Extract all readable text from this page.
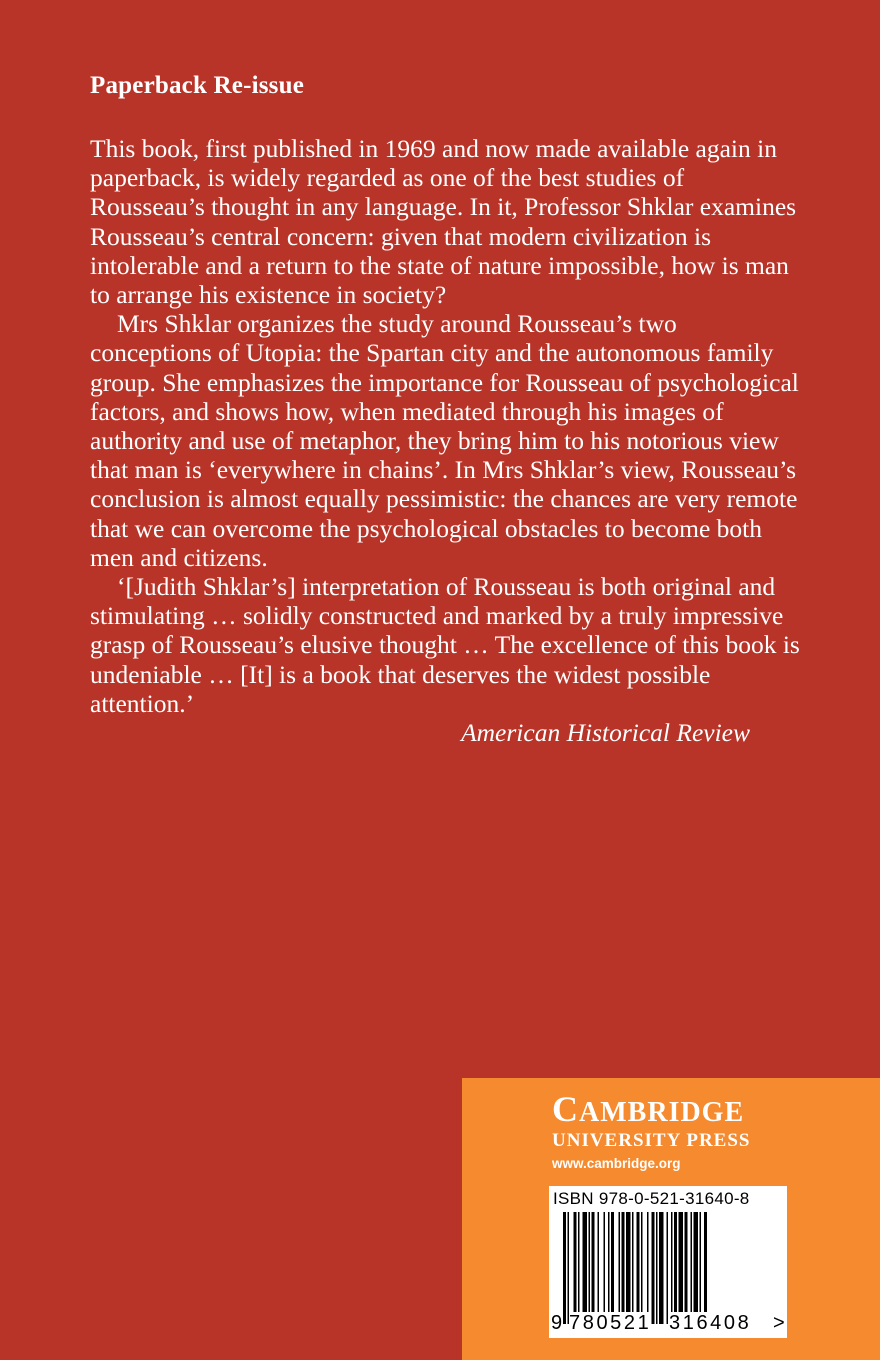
Paperback Re-issue

This book, first published in 1969 and now made available again in paperback, is widely regarded as one of the best studies of Rousseau’s thought in any language. In it, Professor Shklar examines Rousseau’s central concern: given that modern civilization is intolerable and a return to the state of nature impossible, how is man to arrange his existence in society?

Mrs Shklar organizes the study around Rousseau’s two conceptions of Utopia: the Spartan city and the autonomous family group. She emphasizes the importance for Rousseau of psychological factors, and shows how, when mediated through his images of authority and use of metaphor, they bring him to his notorious view that man is ‘everywhere in chains’. In Mrs Shklar’s view, Rousseau’s conclusion is almost equally pessimistic: the chances are very remote that we can overcome the psychological obstacles to become both men and citizens.

‘[Judith Shklar’s] interpretation of Rousseau is both original and stimulating … solidly constructed and marked by a truly impressive grasp of Rousseau’s elusive thought … The excellence of this book is undeniable … [It] is a book that deserves the widest possible attention.’

American Historical Review
CAMBRIDGE
UNIVERSITY PRESS
www.cambridge.org
ISBN 978-0-521-31640-8
9 780521 316408 >
